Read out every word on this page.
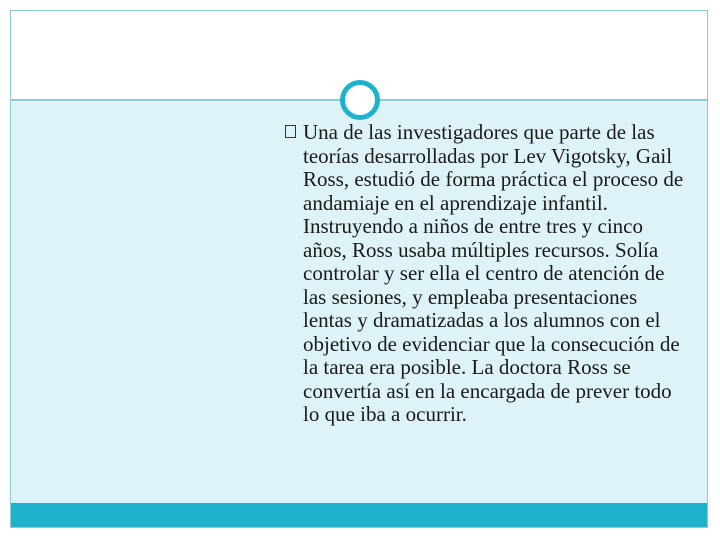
Una de las investigadores que parte de las teorías desarrolladas por Lev Vigotsky, Gail Ross, estudió de forma práctica el proceso de andamiaje en el aprendizaje infantil. Instruyendo a niños de entre tres y cinco años, Ross usaba múltiples recursos. Solía controlar y ser ella el centro de atención de las sesiones, y empleaba presentaciones lentas y dramatizadas a los alumnos con el objetivo de evidenciar que la consecución de la tarea era posible. La doctora Ross se convertía así en la encargada de prever todo lo que iba a ocurrir.
